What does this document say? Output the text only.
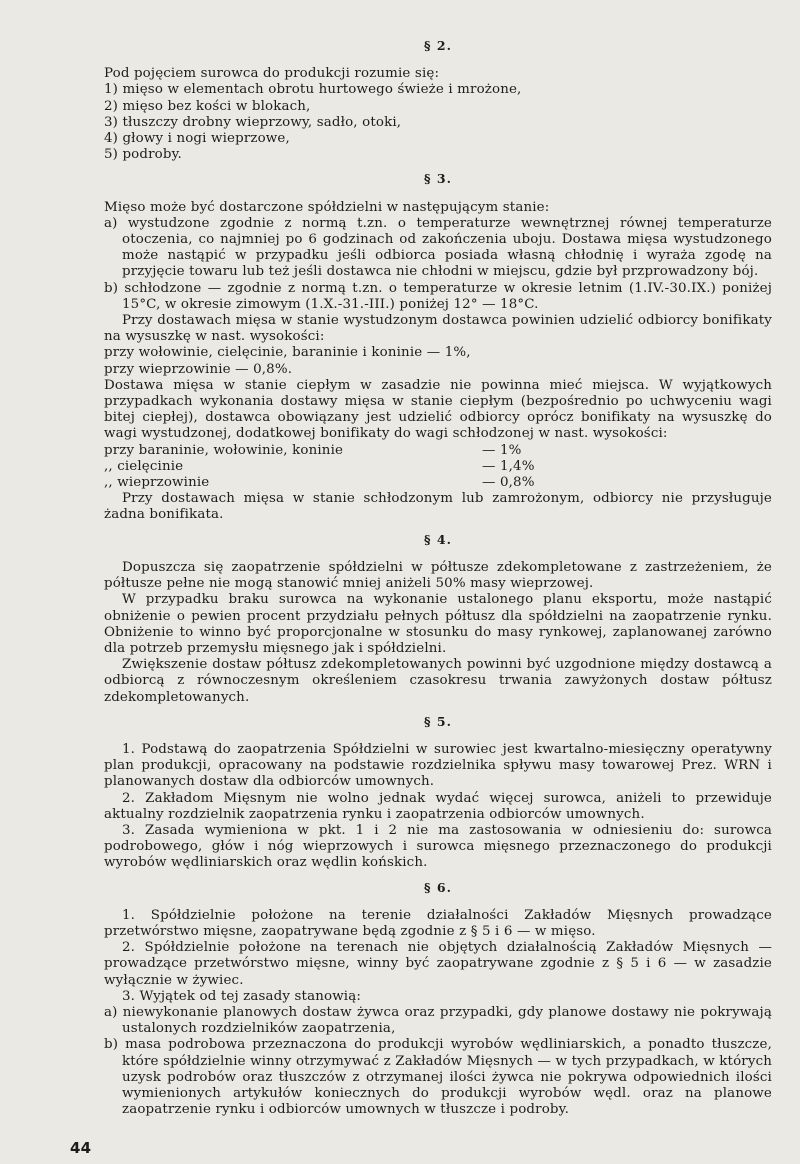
§ 2.

Pod pojęciem surowca do produkcji rozumie się:

1) mięso w elementach obrotu hurtowego świeże i mrożone,
2) mięso bez kości w blokach,
3) tłuszczy drobny wieprzowy, sadło, otoki,
4) głowy i nogi wieprzowe,
5) podroby.
§ 3.

Mięso może być dostarczone spółdzielni w następującym stanie:

a) wystudzone zgodnie z normą t.zn. o temperaturze wewnętrznej równej temperaturze otoczenia, co najmniej po 6 godzinach od zakończenia uboju. Dostawa mięsa wystudzonego może nastąpić w przypadku jeśli odbiorca posiada własną chłodnię i wyraża zgodę na przyjęcie towaru lub też jeśli dostawca nie chłodni w miejscu, gdzie był przprowadzony bój.

b) schłodzone — zgodnie z normą t.zn. o temperaturze w okresie letnim (1.IV.-30.IX.) poniżej 15°C, w okresie zimowym (1.X.-31.-III.) poniżej 12° — 18°C.

Przy dostawach mięsa w stanie wystudzonym dostawca powinien udzielić odbiorcy bonifikaty na wysuszkę w nast. wysokości:

przy wołowinie, cielęcinie, baraninie i koninie — 1%,

przy wieprzowinie — 0,8%.

Dostawa mięsa w stanie ciepłym w zasadzie nie powinna mieć miejsca. W wyjątkowych przypadkach wykonania dostawy mięsa w stanie ciepłym (bezpośrednio po uchwyceniu wagi bitej ciepłej), dostawca obowiązany jest udzielić odbiorcy oprócz bonifikaty na wysuszkę do wagi wystudzonej, dodatkowej bonifikaty do wagi schłodzonej w nast. wysokości:

przy baraninie, wołowinie, koninie	— 1%
,, cielęcinie	— 1,4%
,, wieprzowinie	— 0,8%

Przy dostawach mięsa w stanie schłodzonym lub zamrożonym, odbiorcy nie przysługuje żadna bonifikata.

§ 4.

Dopuszcza się zaopatrzenie spółdzielni w półtusze zdekompletowane z zastrzeżeniem, że półtusze pełne nie mogą stanowić mniej aniżeli 50% masy wieprzowej.

W przypadku braku surowca na wykonanie ustalonego planu eksportu, może nastąpić obniżenie o pewien procent przydziału pełnych półtusz dla spółdzielni na zaopatrzenie rynku. Obniżenie to winno być proporcjonalne w stosunku do masy rynkowej, zaplanowanej zarówno dla potrzeb przemysłu mięsnego jak i spółdzielni.

Zwiększenie dostaw półtusz zdekompletowanych powinni być uzgodnione między dostawcą a odbiorcą z równoczesnym określeniem czasokresu trwania zawyżonych dostaw półtusz zdekompletowanych.

§ 5.

1. Podstawą do zaopatrzenia Spółdzielni w surowiec jest kwartalno-miesięczny operatywny plan produkcji, opracowany na podstawie rozdzielnika spływu masy towarowej Prez. WRN i planowanych dostaw dla odbiorców umownych.

2. Zakładom Mięsnym nie wolno jednak wydać więcej surowca, aniżeli to przewiduje aktualny rozdzielnik zaopatrzenia rynku i zaopatrzenia odbiorców umownych.

3. Zasada wymieniona w pkt. 1 i 2 nie ma zastosowania w odniesieniu do: surowca podrobowego, głów i nóg wieprzowych i surowca mięsnego przeznaczonego do produkcji wyrobów wędliniarskich oraz wędlin końskich.

§ 6.

1. Spółdzielnie położone na terenie działalności Zakładów Mięsnych prowadzące przetwórstwo mięsne, zaopatrywane będą zgodnie z § 5 i 6 — w mięso.

2. Spółdzielnie położone na terenach nie objętych działalnością Zakładów Mięsnych — prowadzące przetwórstwo mięsne, winny być zaopatrywane zgodnie z § 5 i 6 — w zasadzie wyłącznie w żywiec.

3. Wyjątek od tej zasady stanowią:

a) niewykonanie planowych dostaw żywca oraz przypadki, gdy planowe dostawy nie pokrywają ustalonych rozdzielników zaopatrzenia,

b) masa podrobowa przeznaczona do produkcji wyrobów wędliniarskich, a ponadto tłuszcze, które spółdzielnie winny otrzymywać z Zakładów Mięsnych — w tych przypadkach, w których uzysk podrobów oraz tłuszczów z otrzymanej ilości żywca nie pokrywa odpowiednich ilości wymienionych artykułów koniecznych do produkcji wyrobów wędl. oraz na planowe zaopatrzenie rynku i odbiorców umownych w tłuszcze i podroby.

44
